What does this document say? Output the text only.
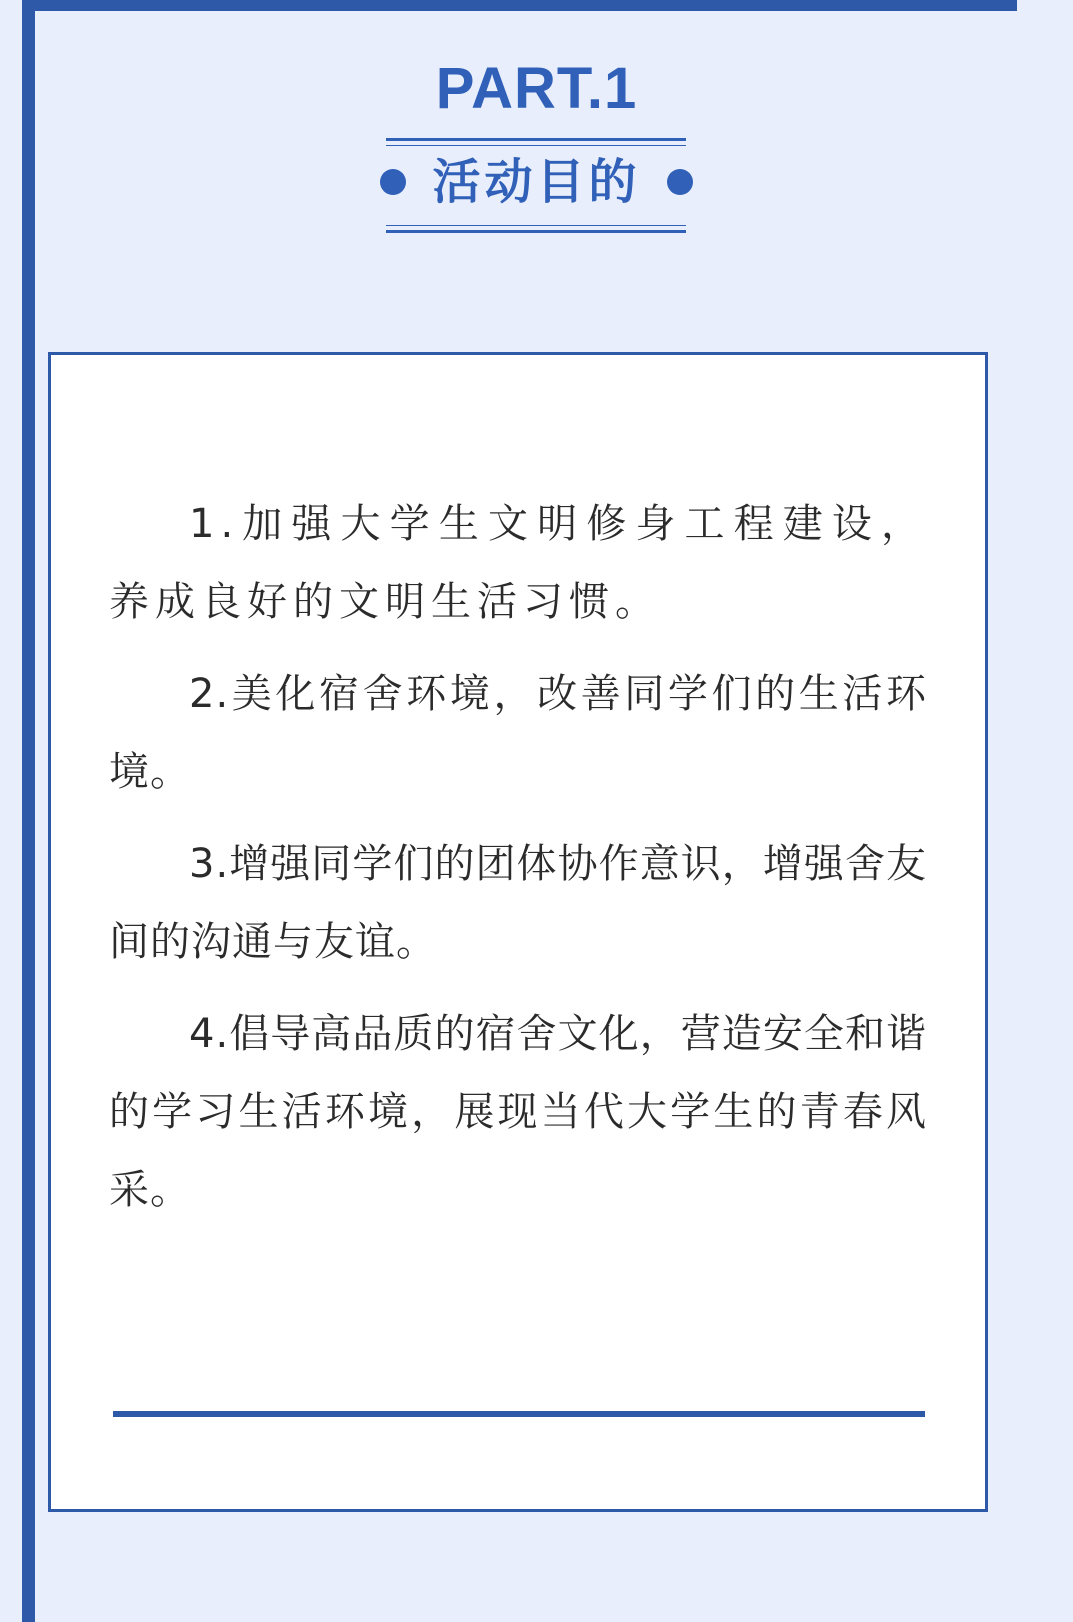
PART.1
活动目的

1.加强大学生文明修身工程建设，养成良好的文明生活习惯。

2.美化宿舍环境，改善同学们的生活环境。

3.增强同学们的团体协作意识，增强舍友间的沟通与友谊。

4.倡导高品质的宿舍文化，营造安全和谐的学习生活环境，展现当代大学生的青春风采。
